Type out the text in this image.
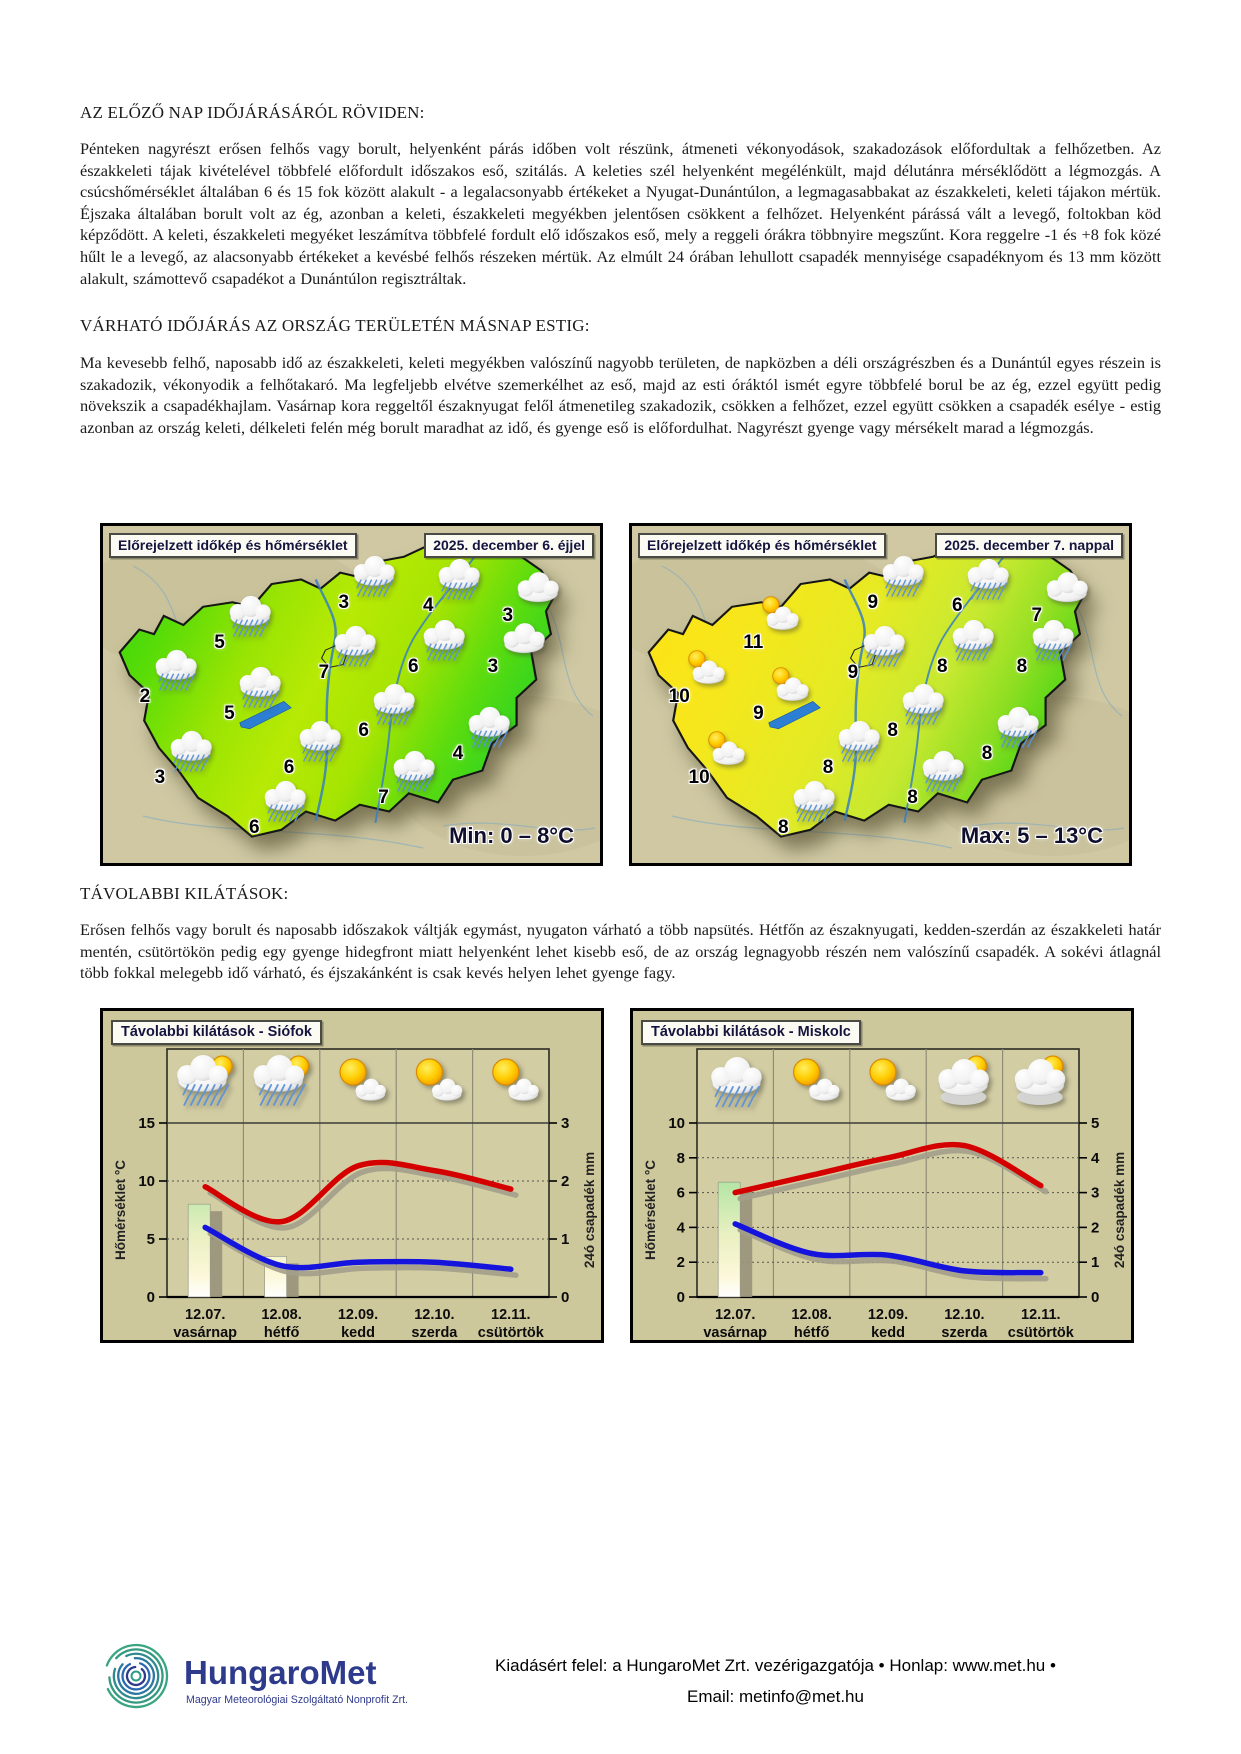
AZ ELŐZŐ NAP IDŐJÁRÁSÁRÓL RÖVIDEN:

Pénteken nagyrészt erősen felhős vagy borult, helyenként párás időben volt részünk, átmeneti vékonyodások, szakadozások előfordultak a felhőzetben. Az északkeleti tájak kivételével többfelé előfordult időszakos eső, szitálás. A keleties szél helyenként megélénkült, majd délutánra mérséklődött a légmozgás. A csúcshőmérséklet általában 6 és 15 fok között alakult - a legalacsonyabb értékeket a Nyugat-Dunántúlon, a legmagasabbakat az északkeleti, keleti tájakon mértük. Éjszaka általában borult volt az ég, azonban a keleti, északkeleti megyékben jelentősen csökkent a felhőzet. Helyenként párássá vált a levegő, foltokban köd képződött. A keleti, északkeleti megyéket leszámítva többfelé fordult elő időszakos eső, mely a reggeli órákra többnyire megszűnt. Kora reggelre -1 és +8 fok közé hűlt le a levegő, az alacsonyabb értékeket a kevésbé felhős részeken mértük. Az elmúlt 24 órában lehullott csapadék mennyisége csapadéknyom és 13 mm között alakult, számottevő csapadékot a Dunántúlon regisztráltak.

VÁRHATÓ IDŐJÁRÁS AZ ORSZÁG TERÜLETÉN MÁSNAP ESTIG:

Ma kevesebb felhő, naposabb idő az északkeleti, keleti megyékben valószínű nagyobb területen, de napközben a déli országrészben és a Dunántúl egyes részein is szakadozik, vékonyodik a felhőtakaró. Ma legfeljebb elvétve szemerkélhet az eső, majd az esti óráktól ismét egyre többfelé borul be az ég, ezzel együtt pedig növekszik a csapadékhajlam. Vasárnap kora reggeltől északnyugat felől átmenetileg szakadozik, csökken a felhőzet, ezzel együtt csökken a csapadék esélye - estig azonban az ország keleti, délkeleti felén még borult maradhat az idő, és gyenge eső is előfordulhat. Nagyrészt gyenge vagy mérsékelt marad a légmozgás.

Előrejelzett időkép és hőmérséklet	2025. december 6. éjjel
Min: 0 – 8°C
3	4	3
5
7	6	3
2
5
6
3	6
4
6
7
Előrejelzett időkép és hőmérséklet	2025. december 7. nappal
Max: 5 – 13°C
9	6	7
11
9	8	8
10
9
8
10	8
8
8
8
TÁVOLABBI KILÁTÁSOK:

Erősen felhős vagy borult és naposabb időszakok váltják egymást, nyugaton várható a több napsütés. Hétfőn az északnyugati, kedden-szerdán az északkeleti határ mentén, csütörtökön pedig egy gyenge hidegfront miatt helyenként lehet kisebb eső, de az ország legnagyobb részén nem valószínű csapadék. A sokévi átlagnál több fokkal melegebb idő várható, és éjszakánként is csak kevés helyen lehet gyenge fagy.

Távolabbi kilátások - Siófok
0
5
10
15
0
1
2
3
12.07.
vasárnap
12.08.
hétfő
12.09.
kedd
12.10.
szerda
12.11.
csütörtök
Hőmérséklet °C	24ó csapadék mm
Távolabbi kilátások - Miskolc
0
2
4
6
8
10
0
1
2
3
4
5
12.07.
vasárnap
12.08.
hétfő
12.09.
kedd
12.10.
szerda
12.11.
csütörtök
Hőmérséklet °C	24ó csapadék mm
HungaroMet
Magyar Meteorológiai Szolgáltató Nonprofit Zrt.
Kiadásért felel: a HungaroMet Zrt. vezérigazgatója • Honlap: www.met.hu •
Email: metinfo@met.hu
